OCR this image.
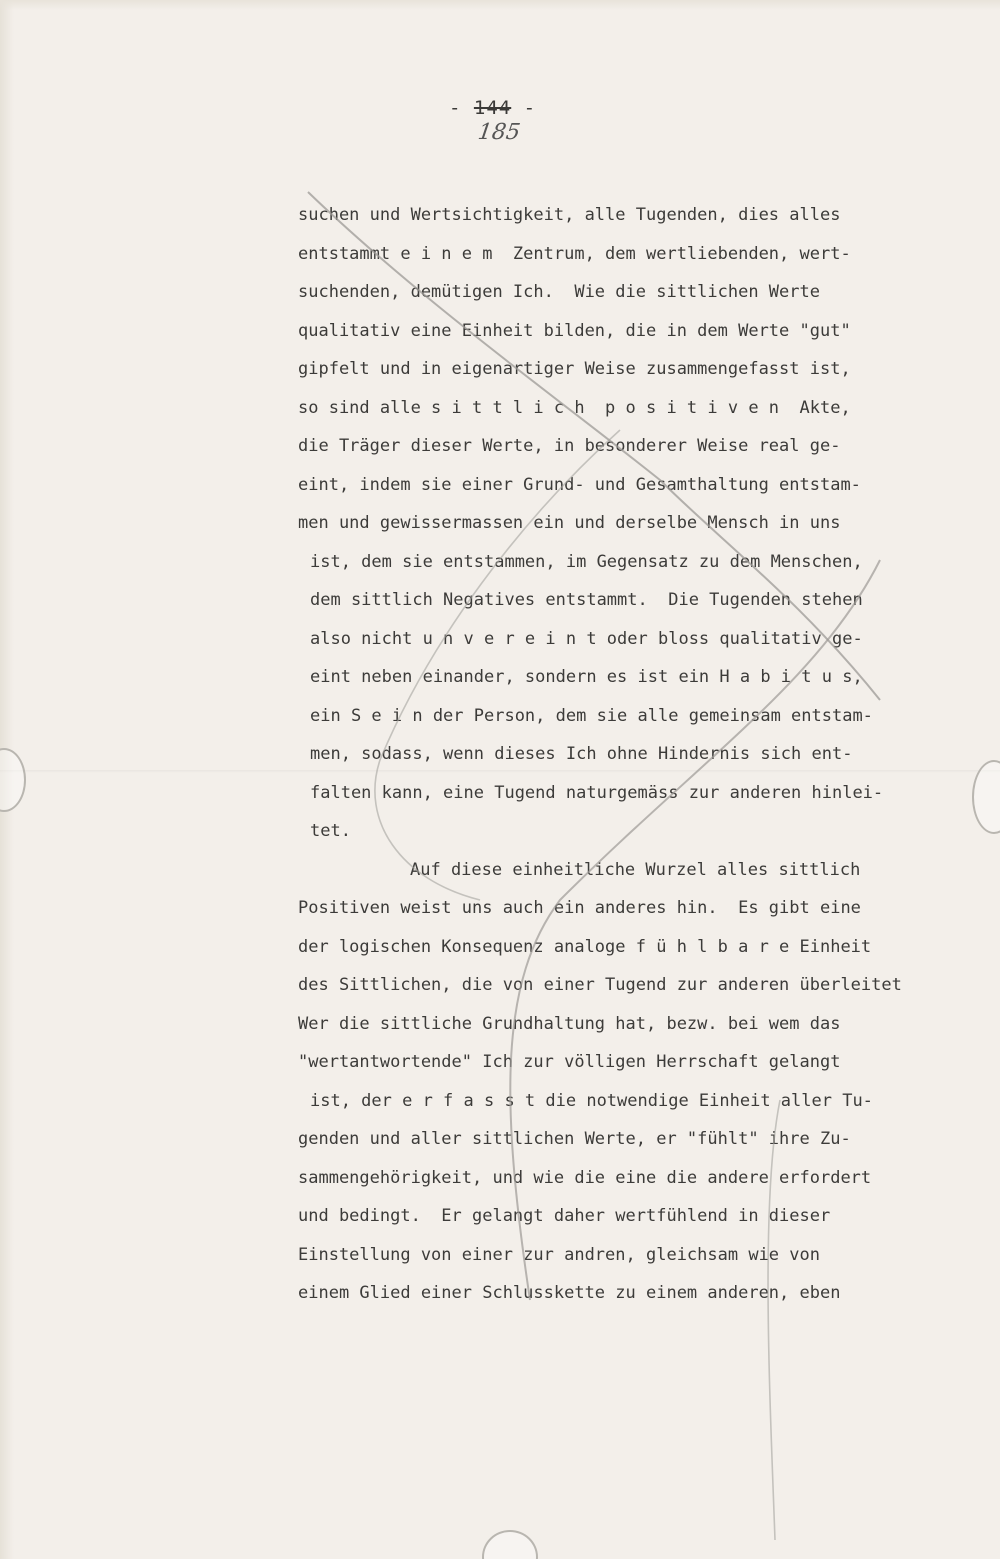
- 144 -
185
suchen und Wertsichtigkeit, alle Tugenden, dies alles
entstammt e i n e m  Zentrum, dem wertliebenden, wert-
suchenden, demütigen Ich.  Wie die sittlichen Werte
qualitativ eine Einheit bilden, die in dem Werte "gut"
gipfelt und in eigenartiger Weise zusammengefasst ist,
so sind alle s i t t l i c h  p o s i t i v e n  Akte,
die Träger dieser Werte, in besonderer Weise real ge-
eint, indem sie einer Grund- und Gesamthaltung entstam-
men und gewissermassen ein und derselbe Mensch in uns
ist, dem sie entstammen, im Gegensatz zu dem Menschen,
dem sittlich Negatives entstammt.  Die Tugenden stehen
also nicht u n v e r e i n t oder bloss qualitativ ge-
eint neben einander, sondern es ist ein H a b i t u s,
ein S e i n der Person, dem sie alle gemeinsam entstam-
men, sodass, wenn dieses Ich ohne Hindernis sich ent-
falten kann, eine Tugend naturgemäss zur anderen hinlei-
tet.
Auf diese einheitliche Wurzel alles sittlich
Positiven weist uns auch ein anderes hin.  Es gibt eine
der logischen Konsequenz analoge f ü h l b a r e Einheit
des Sittlichen, die von einer Tugend zur anderen überleitet
Wer die sittliche Grundhaltung hat, bezw. bei wem das
"wertantwortende" Ich zur völligen Herrschaft gelangt
ist, der e r f a s s t die notwendige Einheit aller Tu-
genden und aller sittlichen Werte, er "fühlt" ihre Zu-
sammengehörigkeit, und wie die eine die andere erfordert
und bedingt.  Er gelangt daher wertfühlend in dieser
Einstellung von einer zur andren, gleichsam wie von
einem Glied einer Schlusskette zu einem anderen, eben
